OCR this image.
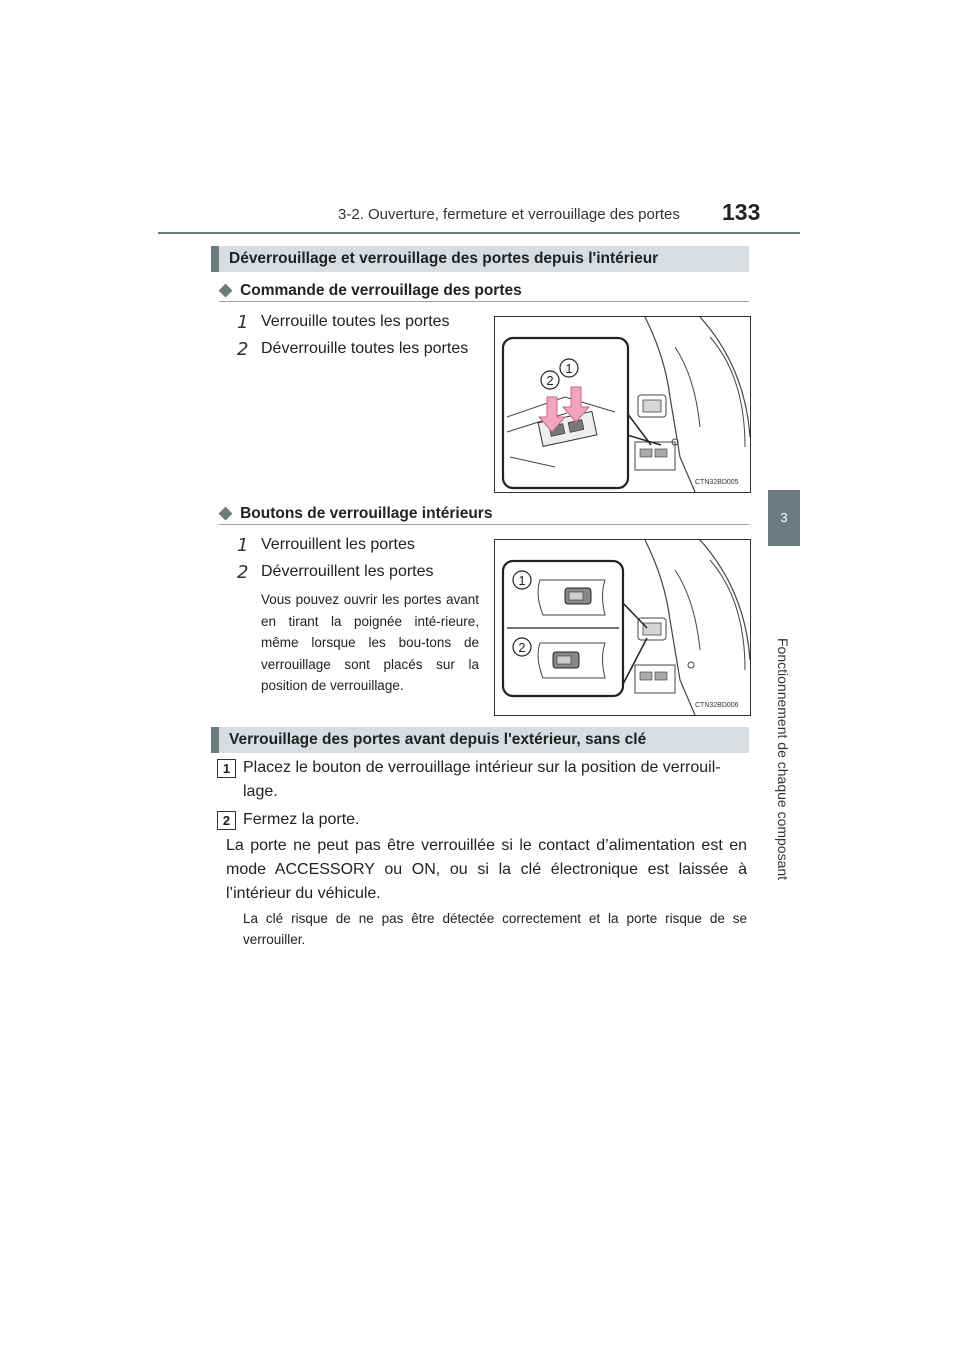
3-2. Ouverture, fermeture et verrouillage des portes 133
3
Fonctionnement de chaque composant
Déverrouillage et verrouillage des portes depuis l'intérieur
◆ Commande de verrouillage des portes
1 Verrouille toutes les portes
2 Déverrouille toutes les portes
1
2
CTN32BD005
◆ Boutons de verrouillage intérieurs
1 Verrouillent les portes
2 Déverrouillent les portes
Vous pouvez ouvrir les portes avant en tirant la poignée inté-rieure, même lorsque les bou-tons de verrouillage sont placés sur la position de verrouillage.
1
2
CTN32BD006
Verrouillage des portes avant depuis l'extérieur, sans clé
1 Placez le bouton de verrouillage intérieur sur la position de verrouil-lage.
2 Fermez la porte.
La porte ne peut pas être verrouillée si le contact d’alimentation est en mode ACCESSORY ou ON, ou si la clé électronique est laissée à l’intérieur du véhicule.
La clé risque de ne pas être détectée correctement et la porte risque de se verrouiller.
